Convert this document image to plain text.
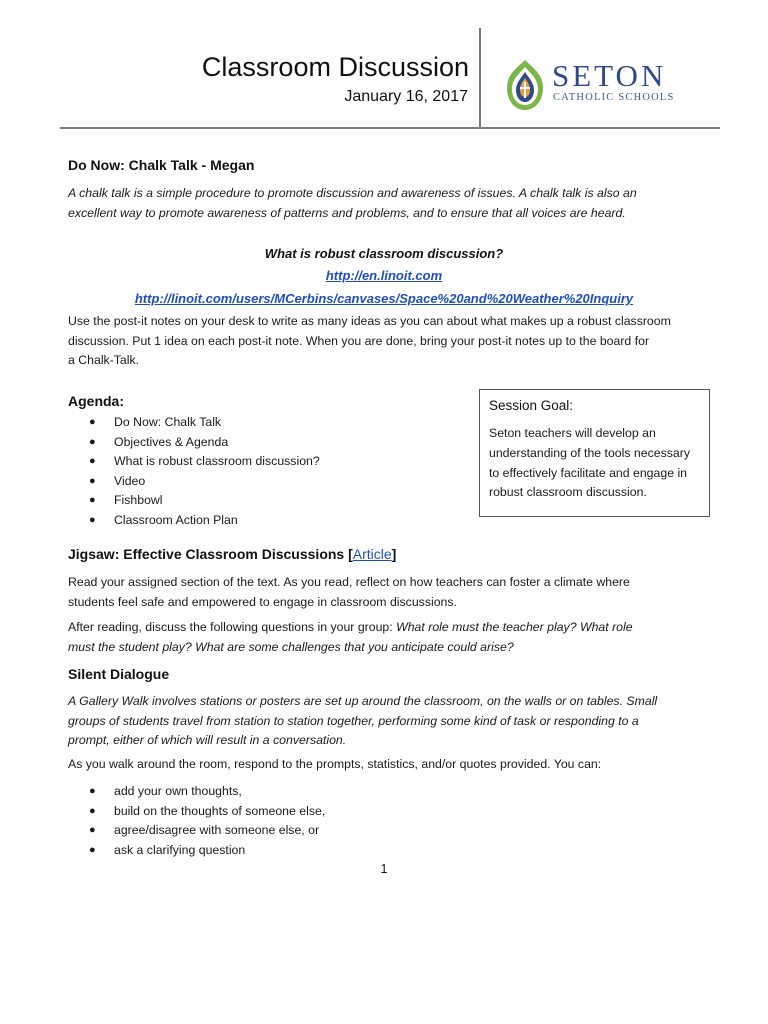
Classroom Discussion
January 16, 2017
SETON
CATHOLIC SCHOOLS
Do Now: Chalk Talk - Megan
A chalk talk is a simple procedure to promote discussion and awareness of issues. A chalk talk is also an
excellent way to promote awareness of patterns and problems, and to ensure that all voices are heard.
What is robust classroom discussion?
http://en.linoit.com
http://linoit.com/users/MCerbins/canvases/Space%20and%20Weather%20Inquiry
Use the post-it notes on your desk to write as many ideas as you can about what makes up a robust classroom
discussion. Put 1 idea on each post-it note. When you are done, bring your post-it notes up to the board for
a Chalk-Talk.
Agenda:
● Do Now: Chalk Talk
● Objectives & Agenda
● What is robust classroom discussion?
● Video
● Fishbowl
● Classroom Action Plan
Session Goal:
Seton teachers will develop an
understanding of the tools necessary
to effectively facilitate and engage in
robust classroom discussion.
Jigsaw: Effective Classroom Discussions [Article]
Read your assigned section of the text. As you read, reflect on how teachers can foster a climate where
students feel safe and empowered to engage in classroom discussions.
After reading, discuss the following questions in your group: What role must the teacher play? What role
must the student play? What are some challenges that you anticipate could arise?
Silent Dialogue
A Gallery Walk involves stations or posters are set up around the classroom, on the walls or on tables. Small
groups of students travel from station to station together, performing some kind of task or responding to a
prompt, either of which will result in a conversation.
As you walk around the room, respond to the prompts, statistics, and/or quotes provided. You can:
● add your own thoughts,
● build on the thoughts of someone else,
● agree/disagree with someone else, or
● ask a clarifying question
1
